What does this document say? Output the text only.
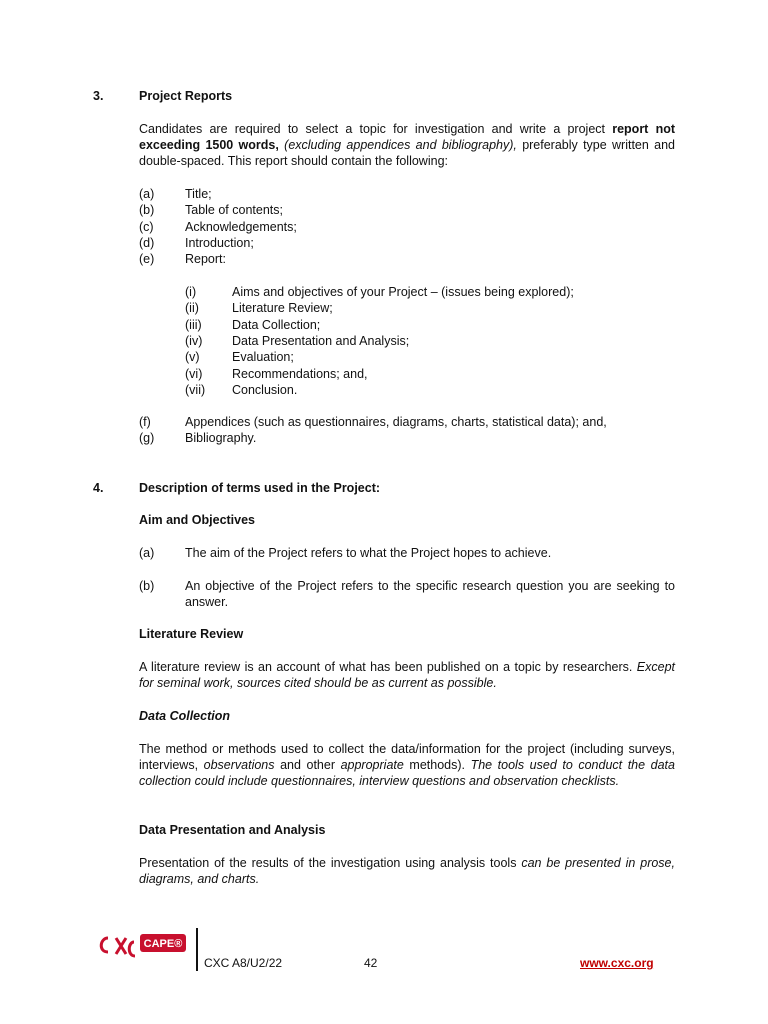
3.	Project Reports
Candidates are required to select a topic for investigation and write a project report not exceeding 1500 words, (excluding appendices and bibliography), preferably type written and double-spaced. This report should contain the following:
(a) Title;
(b) Table of contents;
(c)	Acknowledgements;
(d) Introduction;
(e) Report:
(i)	Aims and objectives of your Project – (issues being explored);
(ii)	Literature Review;
(iii) Data Collection;
(iv) Data Presentation and Analysis;
(v)	Evaluation;
(vi) Recommendations; and,
(vii) Conclusion.
(f)	Appendices (such as questionnaires, diagrams, charts, statistical data); and,
(g) Bibliography.
4.	Description of terms used in the Project:
Aim and Objectives
(a) The aim of the Project refers to what the Project hopes to achieve.
(b) An objective of the Project refers to the specific research question you are seeking to answer.
Literature Review
A literature review is an account of what has been published on a topic by researchers. Except for seminal work, sources cited should be as current as possible.
Data Collection
The method or methods used to collect the data/information for the project (including surveys, interviews, observations and other appropriate methods). The tools used to conduct the data collection could include questionnaires, interview questions and observation checklists.
Data Presentation and Analysis
Presentation of the results of the investigation using analysis tools can be presented in prose, diagrams, and charts.
CAPE®
CXC A8/U2/22	42	www.cxc.org
